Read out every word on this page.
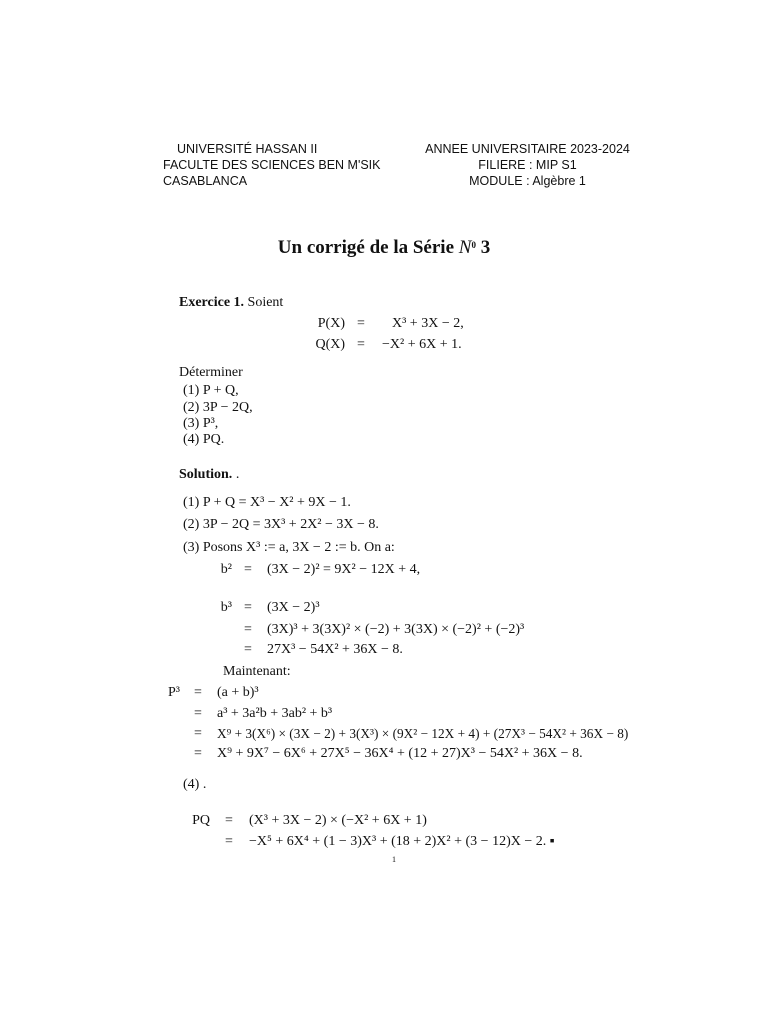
UNIVERSITÉ HASSAN II
FACULTE DES SCIENCES BEN M'SIK
CASABLANCA
ANNEE UNIVERSITAIRE 2023-2024
FILIERE : MIP S1
MODULE : Algèbre 1
Un corrigé de la Série $N^0$ 3
Exercice 1. Soient
P(X) = X³ + 3X − 2,
Q(X) = −X² + 6X + 1.
Déterminer
(1) P + Q,
(2) 3P − 2Q,
(3) P³,
(4) PQ.
Solution. .
(1) P + Q = X³ − X² + 9X − 1.
(2) 3P − 2Q = 3X³ + 2X² − 3X − 8.
(3) Posons X³ := a, 3X − 2 := b. On a:
b² = (3X − 2)² = 9X² − 12X + 4,
b³ = (3X − 2)³
= (3X)³ + 3(3X)² × (−2) + 3(3X) × (−2)² + (−2)³
= 27X³ − 54X² + 36X − 8.
Maintenant:
P³ = (a + b)³
= a³ + 3a²b + 3ab² + b³
= X⁹ + 3(X⁶) × (3X − 2) + 3(X³) × (9X² − 12X + 4) + (27X³ − 54X² + 36X − 8)
= X⁹ + 9X⁷ − 6X⁶ + 27X⁵ − 36X⁴ + (12 + 27)X³ − 54X² + 36X − 8.
(4) .
PQ = (X³ + 3X − 2) × (−X² + 6X + 1)
= −X⁵ + 6X⁴ + (1 − 3)X³ + (18 + 2)X² + (3 − 12)X − 2. ▪
1
